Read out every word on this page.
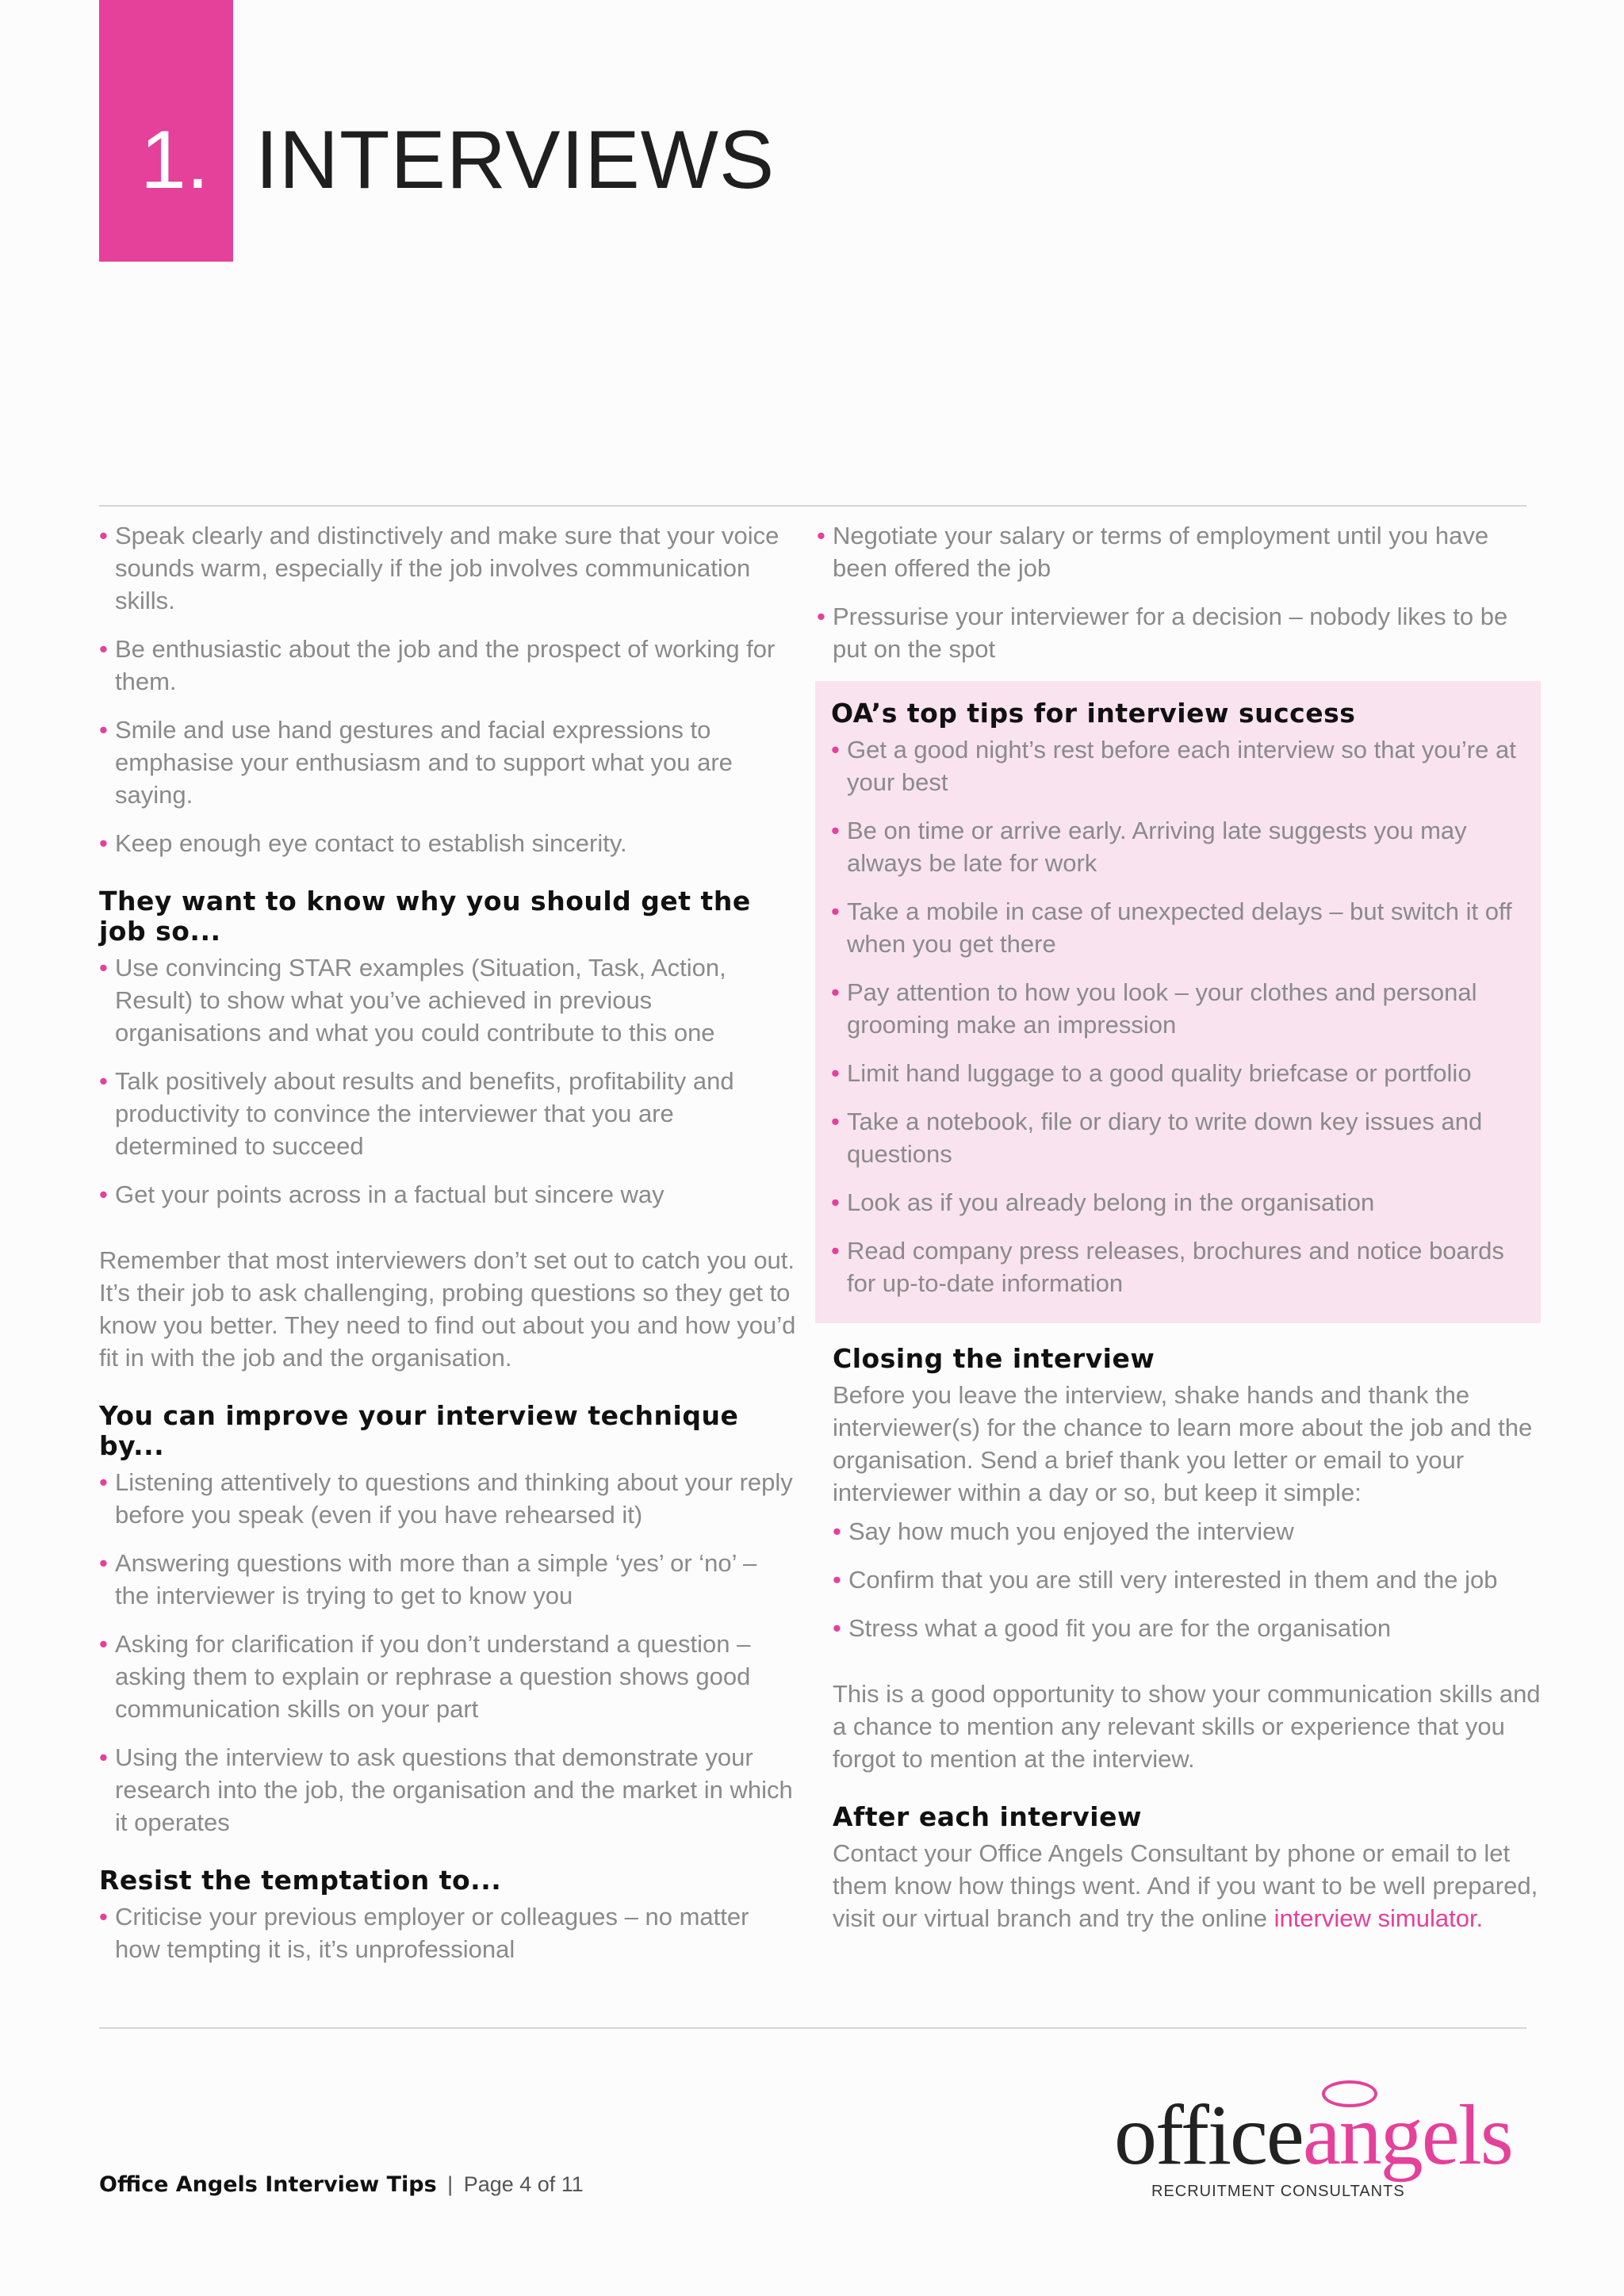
1. INTERVIEWS
• Speak clearly and distinctively and make sure that your voice sounds warm, especially if the job involves communication skills.
• Be enthusiastic about the job and the prospect of working for them.
• Smile and use hand gestures and facial expressions to emphasise your enthusiasm and to support what you are saying.
• Keep enough eye contact to establish sincerity.
They want to know why you should get the job so...
• Use convincing STAR examples (Situation, Task, Action, Result) to show what you’ve achieved in previous organisations and what you could contribute to this one
• Talk positively about results and benefits, profitability and productivity to convince the interviewer that you are determined to succeed
• Get your points across in a factual but sincere way

Remember that most interviewers don’t set out to catch you out. It’s their job to ask challenging, probing questions so they get to know you better. They need to find out about you and how you’d fit in with the job and the organisation.

You can improve your interview technique by...
• Listening attentively to questions and thinking about your reply before you speak (even if you have rehearsed it)
• Answering questions with more than a simple ‘yes’ or ‘no’ – the interviewer is trying to get to know you
• Asking for clarification if you don’t understand a question – asking them to explain or rephrase a question shows good communication skills on your part
• Using the interview to ask questions that demonstrate your research into the job, the organisation and the market in which it operates
Resist the temptation to...
• Criticise your previous employer or colleagues – no matter how tempting it is, it’s unprofessional
• Negotiate your salary or terms of employment until you have been offered the job
• Pressurise your interviewer for a decision – nobody likes to be put on the spot
OA’s top tips for interview success
• Get a good night’s rest before each interview so that you’re at your best
• Be on time or arrive early. Arriving late suggests you may always be late for work
• Take a mobile in case of unexpected delays – but switch it off when you get there
• Pay attention to how you look – your clothes and personal grooming make an impression
• Limit hand luggage to a good quality briefcase or portfolio
• Take a notebook, file or diary to write down key issues and questions
• Look as if you already belong in the organisation
• Read company press releases, brochures and notice boards for up-to-date information
Closing the interview

Before you leave the interview, shake hands and thank the interviewer(s) for the chance to learn more about the job and the organisation. Send a brief thank you letter or email to your interviewer within a day or so, but keep it simple:

• Say how much you enjoyed the interview
• Confirm that you are still very interested in them and the job
• Stress what a good fit you are for the organisation

This is a good opportunity to show your communication skills and a chance to mention any relevant skills or experience that you forgot to mention at the interview.

After each interview

Contact your Office Angels Consultant by phone or email to let them know how things went. And if you want to be well prepared, visit our virtual branch and try the online interview simulator.

Office Angels Interview Tips | Page 4 of 11
officeangels
RECRUITMENT CONSULTANTS
